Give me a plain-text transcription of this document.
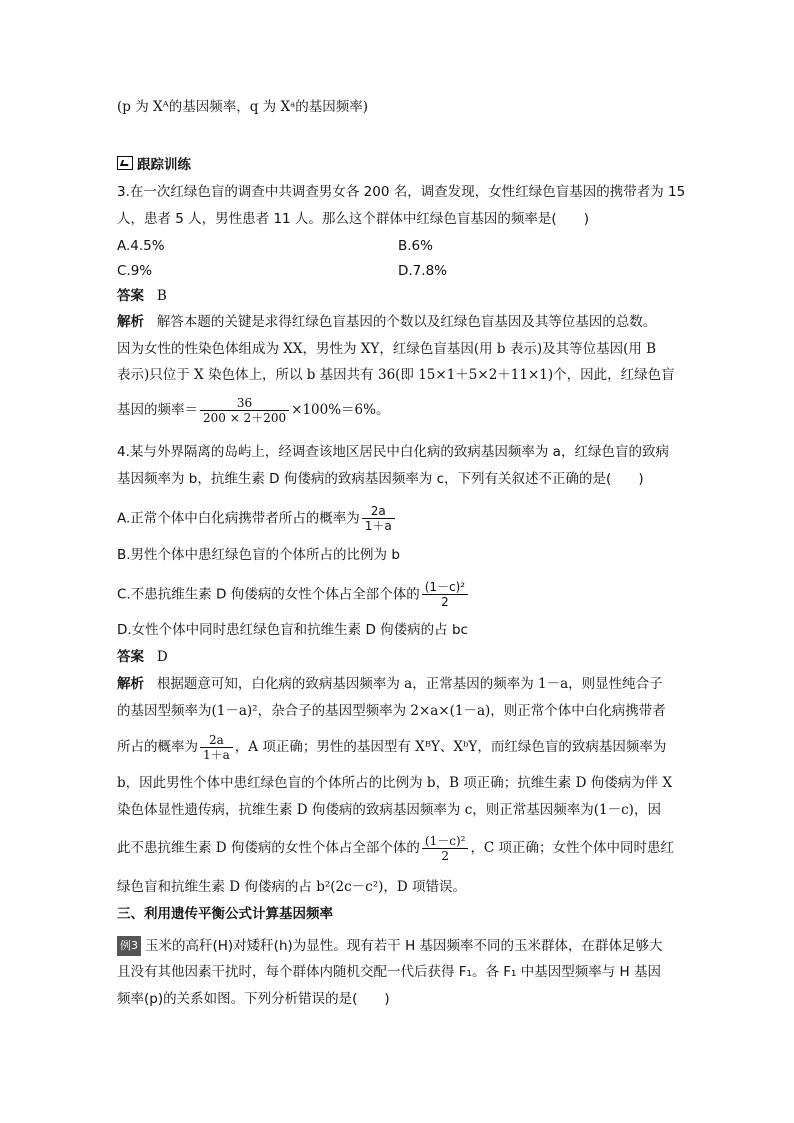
(p 为 Xᴬ的基因频率，q 为 Xᵃ的基因频率)
跟踪训练
3.在一次红绿色盲的调查中共调查男女各 200 名，调查发现，女性红绿色盲基因的携带者为 15
人，患者 5 人，男性患者 11 人。那么这个群体中红绿色盲基因的频率是(　　)
A.4.5%	B.6%
C.9%	D.7.8%
答案 B
解析 解答本题的关键是求得红绿色盲基因的个数以及红绿色盲基因及其等位基因的总数。
因为女性的性染色体组成为 XX，男性为 XY，红绿色盲基因(用 b 表示)及其等位基因(用 B
表示)只位于 X 染色体上，所以 b 基因共有 36(即 15×1＋5×2＋11×1)个，因此，红绿色盲
基因的频率＝ $\frac{36}{200 \times 2+200} \times 100\%=6\%$。
4.某与外界隔离的岛屿上，经调查该地区居民中白化病的致病基因频率为 a，红绿色盲的致病
基因频率为 b，抗维生素 D 佝偻病的致病基因频率为 c，下列有关叙述不正确的是(　　)
A.正常个体中白化病携带者所占的概率为 $\frac{2a}{1+a}$
B.男性个体中患红绿色盲的个体所占的比例为 b
C.不患抗维生素 D 佝偻病的女性个体占全部个体的 $\frac{\text{(1－c)²}}{2}$
D.女性个体中同时患红绿色盲和抗维生素 D 佝偻病的占 bc
答案 D
解析 根据题意可知，白化病的致病基因频率为 a，正常基因的频率为 1－a，则显性纯合子
的基因型频率为(1－a)²，杂合子的基因型频率为 2×a×(1－a)，则正常个体中白化病携带者
所占的概率为 $\frac{2a}{1+a}$ ，A 项正确；男性的基因型有 XᴮY、XᵇY，而红绿色盲的致病基因频率为
b，因此男性个体中患红绿色盲的个体所占的比例为 b，B 项正确；抗维生素 D 佝偻病为伴 X
染色体显性遗传病，抗维生素 D 佝偻病的致病基因频率为 c，则正常基因频率为(1－c)，因
此不患抗维生素 D 佝偻病的女性个体占全部个体的 $\frac{\text{(1－c)²}}{2}$ ，C 项正确；女性个体中同时患红
绿色盲和抗维生素 D 佝偻病的占 b²(2c－c²)，D 项错误。
三、利用遗传平衡公式计算基因频率
例3 玉米的高秆(H)对矮秆(h)为显性。现有若干 H 基因频率不同的玉米群体，在群体足够大
且没有其他因素干扰时，每个群体内随机交配一代后获得 F₁。各 F₁ 中基因型频率与 H 基因
频率(p)的关系如图。下列分析错误的是(　　)
